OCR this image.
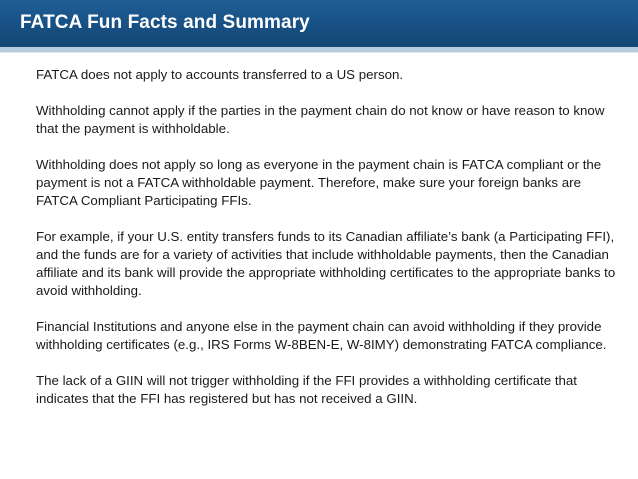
FATCA Fun Facts and Summary

FATCA does not apply to accounts transferred to a US person.

Withholding cannot apply if the parties in the payment chain do not know or have reason to know that the payment is withholdable.

Withholding does not apply so long as everyone in the payment chain is FATCA compliant or the payment is not a FATCA withholdable payment. Therefore, make sure your foreign banks are FATCA Compliant Participating FFIs.

For example, if your U.S. entity transfers funds to its Canadian affiliate’s bank (a Participating FFI), and the funds are for a variety of activities that include withholdable payments, then the Canadian affiliate and its bank will provide the appropriate withholding certificates to the appropriate banks to avoid withholding.

Financial Institutions and anyone else in the payment chain can avoid withholding if they provide withholding certificates (e.g., IRS Forms W-8BEN-E, W-8IMY) demonstrating FATCA compliance.

The lack of a GIIN will not trigger withholding if the FFI provides a withholding certificate that indicates that the FFI has registered but has not received a GIIN.
